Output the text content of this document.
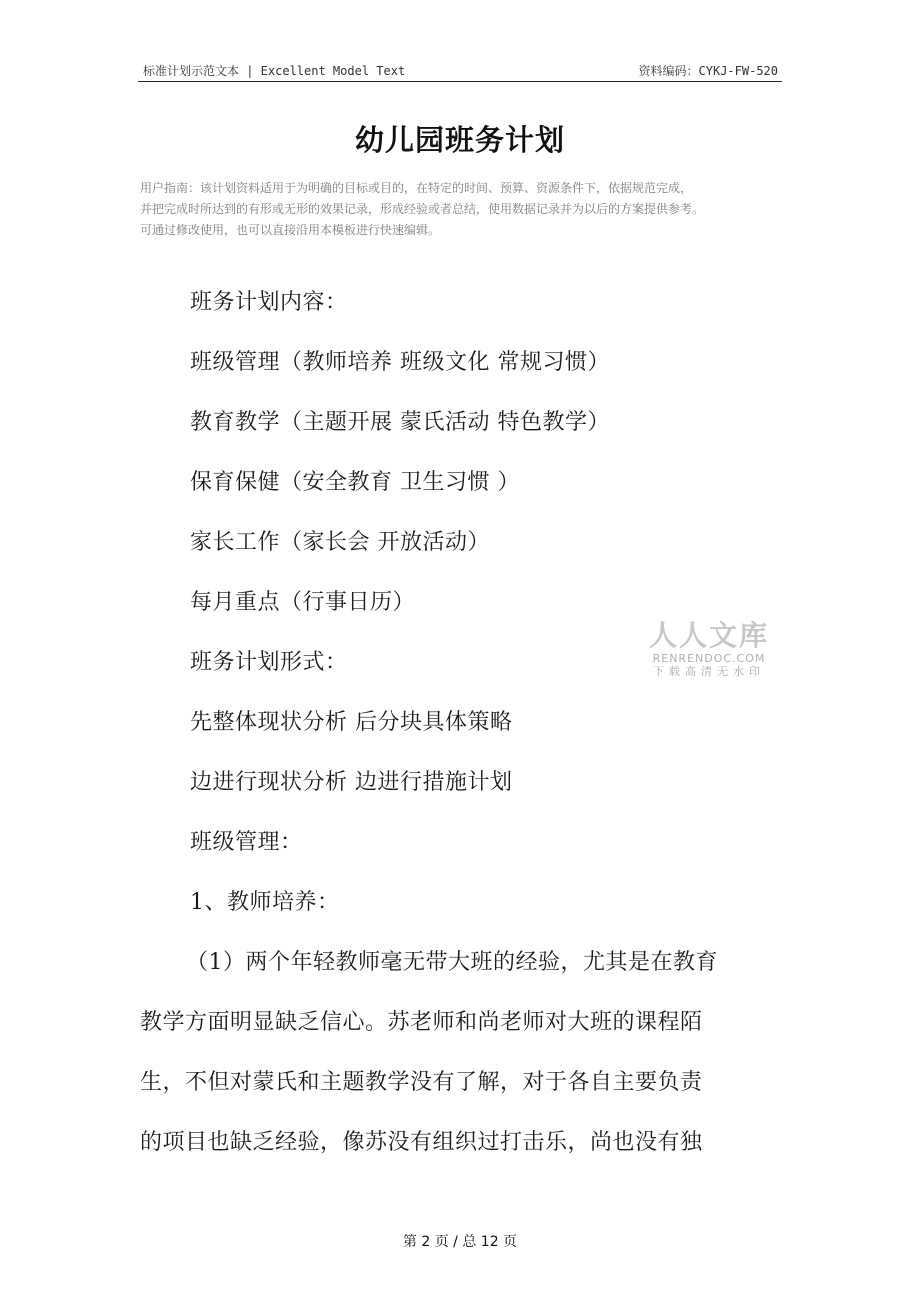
标准计划示范文本 | Excellent Model Text	资料编码：CYKJ-FW-520
幼儿园班务计划
用户指南：该计划资料适用于为明确的目标或目的，在特定的时间、预算、资源条件下，依据规范完成，
并把完成时所达到的有形或无形的效果记录，形成经验或者总结，使用数据记录并为以后的方案提供参考。
可通过修改使用，也可以直接沿用本模板进行快速编辑。
班务计划内容：
班级管理（教师培养 班级文化 常规习惯）
教育教学（主题开展 蒙氏活动 特色教学）
保育保健（安全教育 卫生习惯 ）
家长工作（家长会 开放活动）
每月重点（行事日历）
班务计划形式：
先整体现状分析 后分块具体策略
边进行现状分析 边进行措施计划
班级管理：
1、教师培养：
（1）两个年轻教师毫无带大班的经验，尤其是在教育
教学方面明显缺乏信心。苏老师和尚老师对大班的课程陌
生，不但对蒙氏和主题教学没有了解，对于各自主要负责
的项目也缺乏经验，像苏没有组织过打击乐，尚也没有独
人人文库
RENRENDOC.COM
下载高清无水印
第 2 页 / 总 12 页
